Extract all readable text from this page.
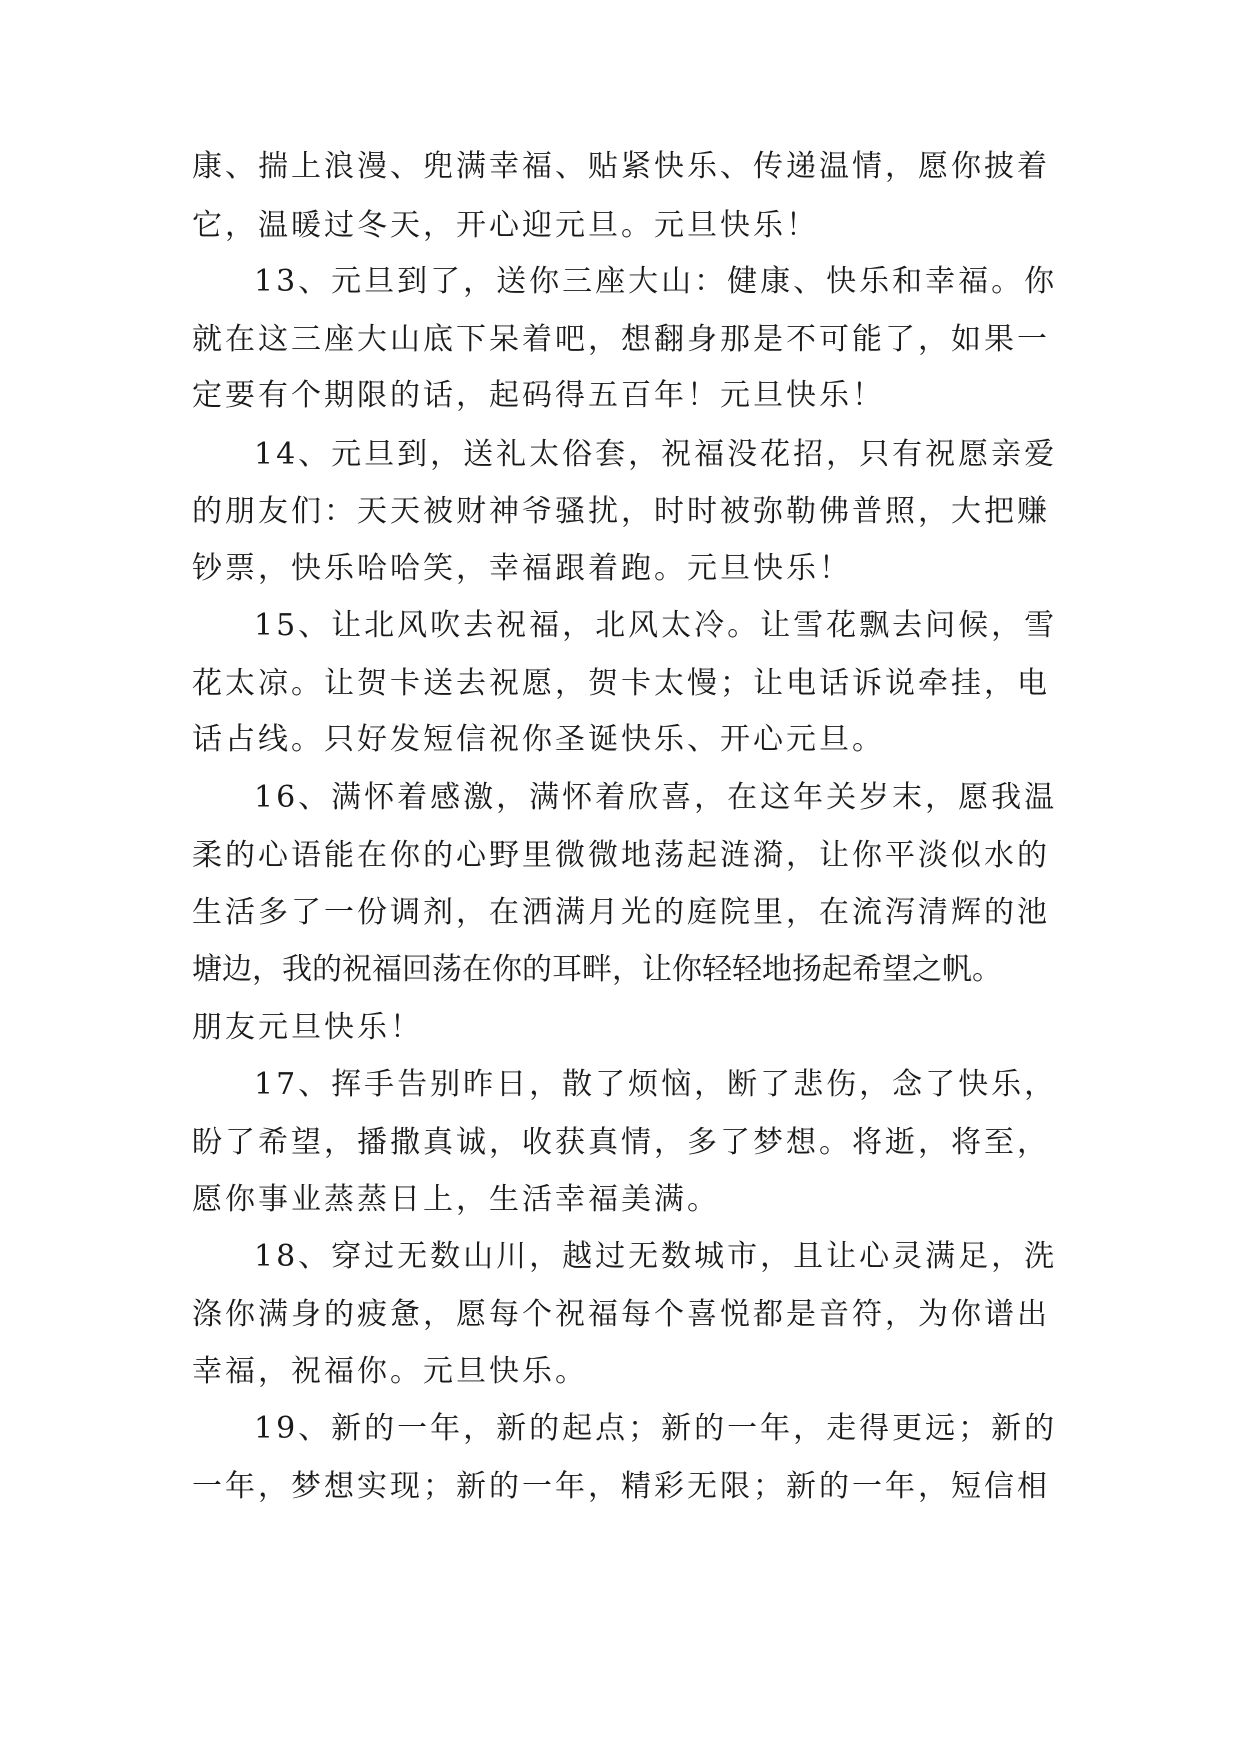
康、揣上浪漫、兜满幸福、贴紧快乐、传递温情，愿你披着
它，温暖过冬天，开心迎元旦。元旦快乐！
13、元旦到了，送你三座大山：健康、快乐和幸福。你
就在这三座大山底下呆着吧，想翻身那是不可能了，如果一
定要有个期限的话，起码得五百年！元旦快乐！
14、元旦到，送礼太俗套，祝福没花招，只有祝愿亲爱
的朋友们：天天被财神爷骚扰，时时被弥勒佛普照，大把赚
钞票，快乐哈哈笑，幸福跟着跑。元旦快乐！
15、让北风吹去祝福，北风太冷。让雪花飘去问候，雪
花太凉。让贺卡送去祝愿，贺卡太慢；让电话诉说牵挂，电
话占线。只好发短信祝你圣诞快乐、开心元旦。
16、满怀着感激，满怀着欣喜，在这年关岁末，愿我温
柔的心语能在你的心野里微微地荡起涟漪，让你平淡似水的
生活多了一份调剂，在洒满月光的庭院里，在流泻清辉的池
塘边，我的祝福回荡在你的耳畔，让你轻轻地扬起希望之帆。
朋友元旦快乐！
17、挥手告别昨日，散了烦恼，断了悲伤，念了快乐，
盼了希望，播撒真诚，收获真情，多了梦想。将逝，将至，
愿你事业蒸蒸日上，生活幸福美满。
18、穿过无数山川，越过无数城市，且让心灵满足，洗
涤你满身的疲惫，愿每个祝福每个喜悦都是音符，为你谱出
幸福，祝福你。元旦快乐。
19、新的一年，新的起点；新的一年，走得更远；新的
一年，梦想实现；新的一年，精彩无限；新的一年，短信相
